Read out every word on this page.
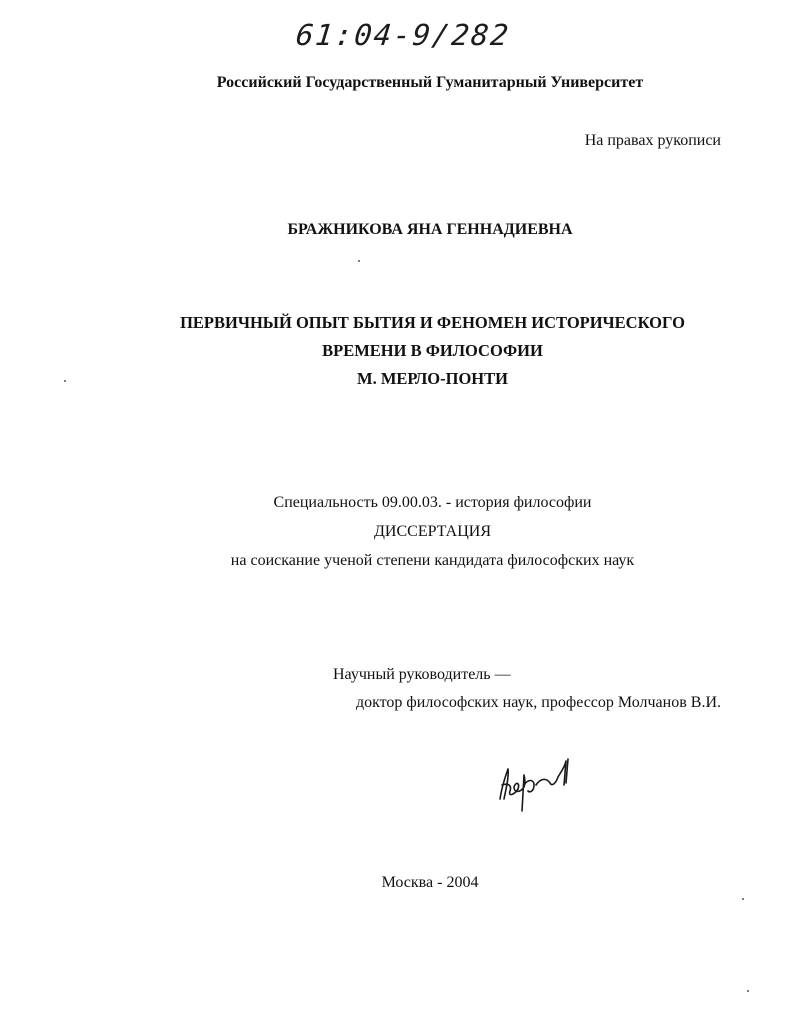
61:04-9/282
Российский Государственный Гуманитарный Университет
На правах рукописи
БРАЖНИКОВА ЯНА ГЕННАДИЕВНА
ПЕРВИЧНЫЙ ОПЫТ БЫТИЯ И ФЕНОМЕН ИСТОРИЧЕСКОГО
ВРЕМЕНИ В ФИЛОСОФИИ
М. МЕРЛО-ПОНТИ
Специальность 09.00.03. - история философии
ДИССЕРТАЦИЯ
на соискание ученой степени кандидата философских наук
Научный руководитель —
доктор философских наук, профессор Молчанов В.И.
Москва - 2004
